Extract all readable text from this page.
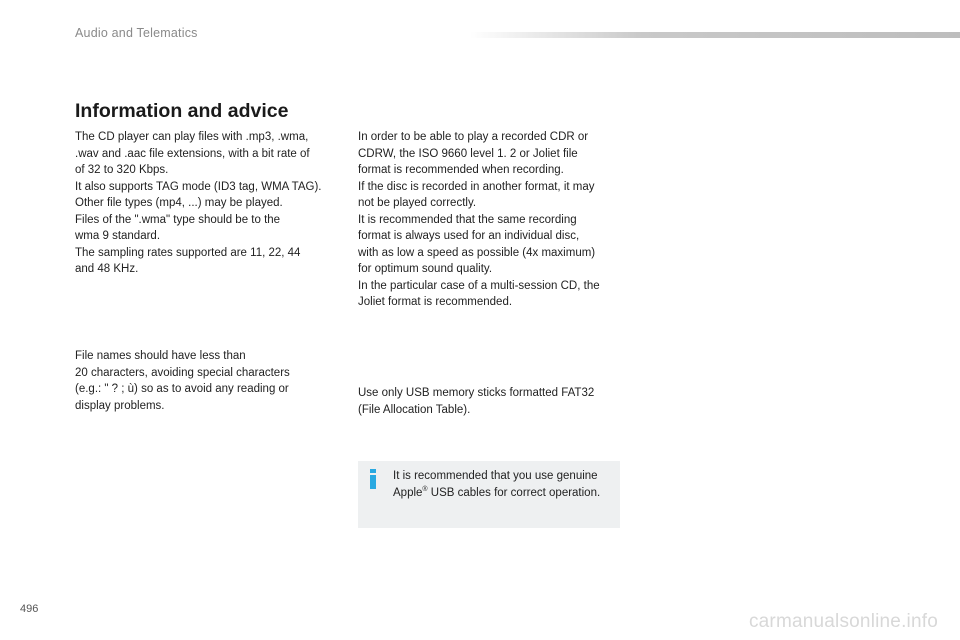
Audio and Telematics
Information and advice

The CD player can play files with .mp3, .wma,
.wav and .aac file extensions, with a bit rate of
of 32 to 320 Kbps.
It also supports TAG mode (ID3 tag, WMA TAG).
Other file types (mp4, ...) may be played.
Files of the ".wma" type should be to the
wma 9 standard.
The sampling rates supported are 11, 22, 44
and 48 KHz.

File names should have less than
20 characters, avoiding special characters
(e.g.: " ? ; ù) so as to avoid any reading or
display problems.

In order to be able to play a recorded CDR or
CDRW, the ISO 9660 level 1. 2 or Joliet file
format is recommended when recording.
If the disc is recorded in another format, it may
not be played correctly.
It is recommended that the same recording
format is always used for an individual disc,
with as low a speed as possible (4x maximum)
for optimum sound quality.
In the particular case of a multi-session CD, the
Joliet format is recommended.

Use only USB memory sticks formatted FAT32
(File Allocation Table).

It is recommended that you use genuine Apple® USB cables for correct operation.

496
carmanualsonline.info
